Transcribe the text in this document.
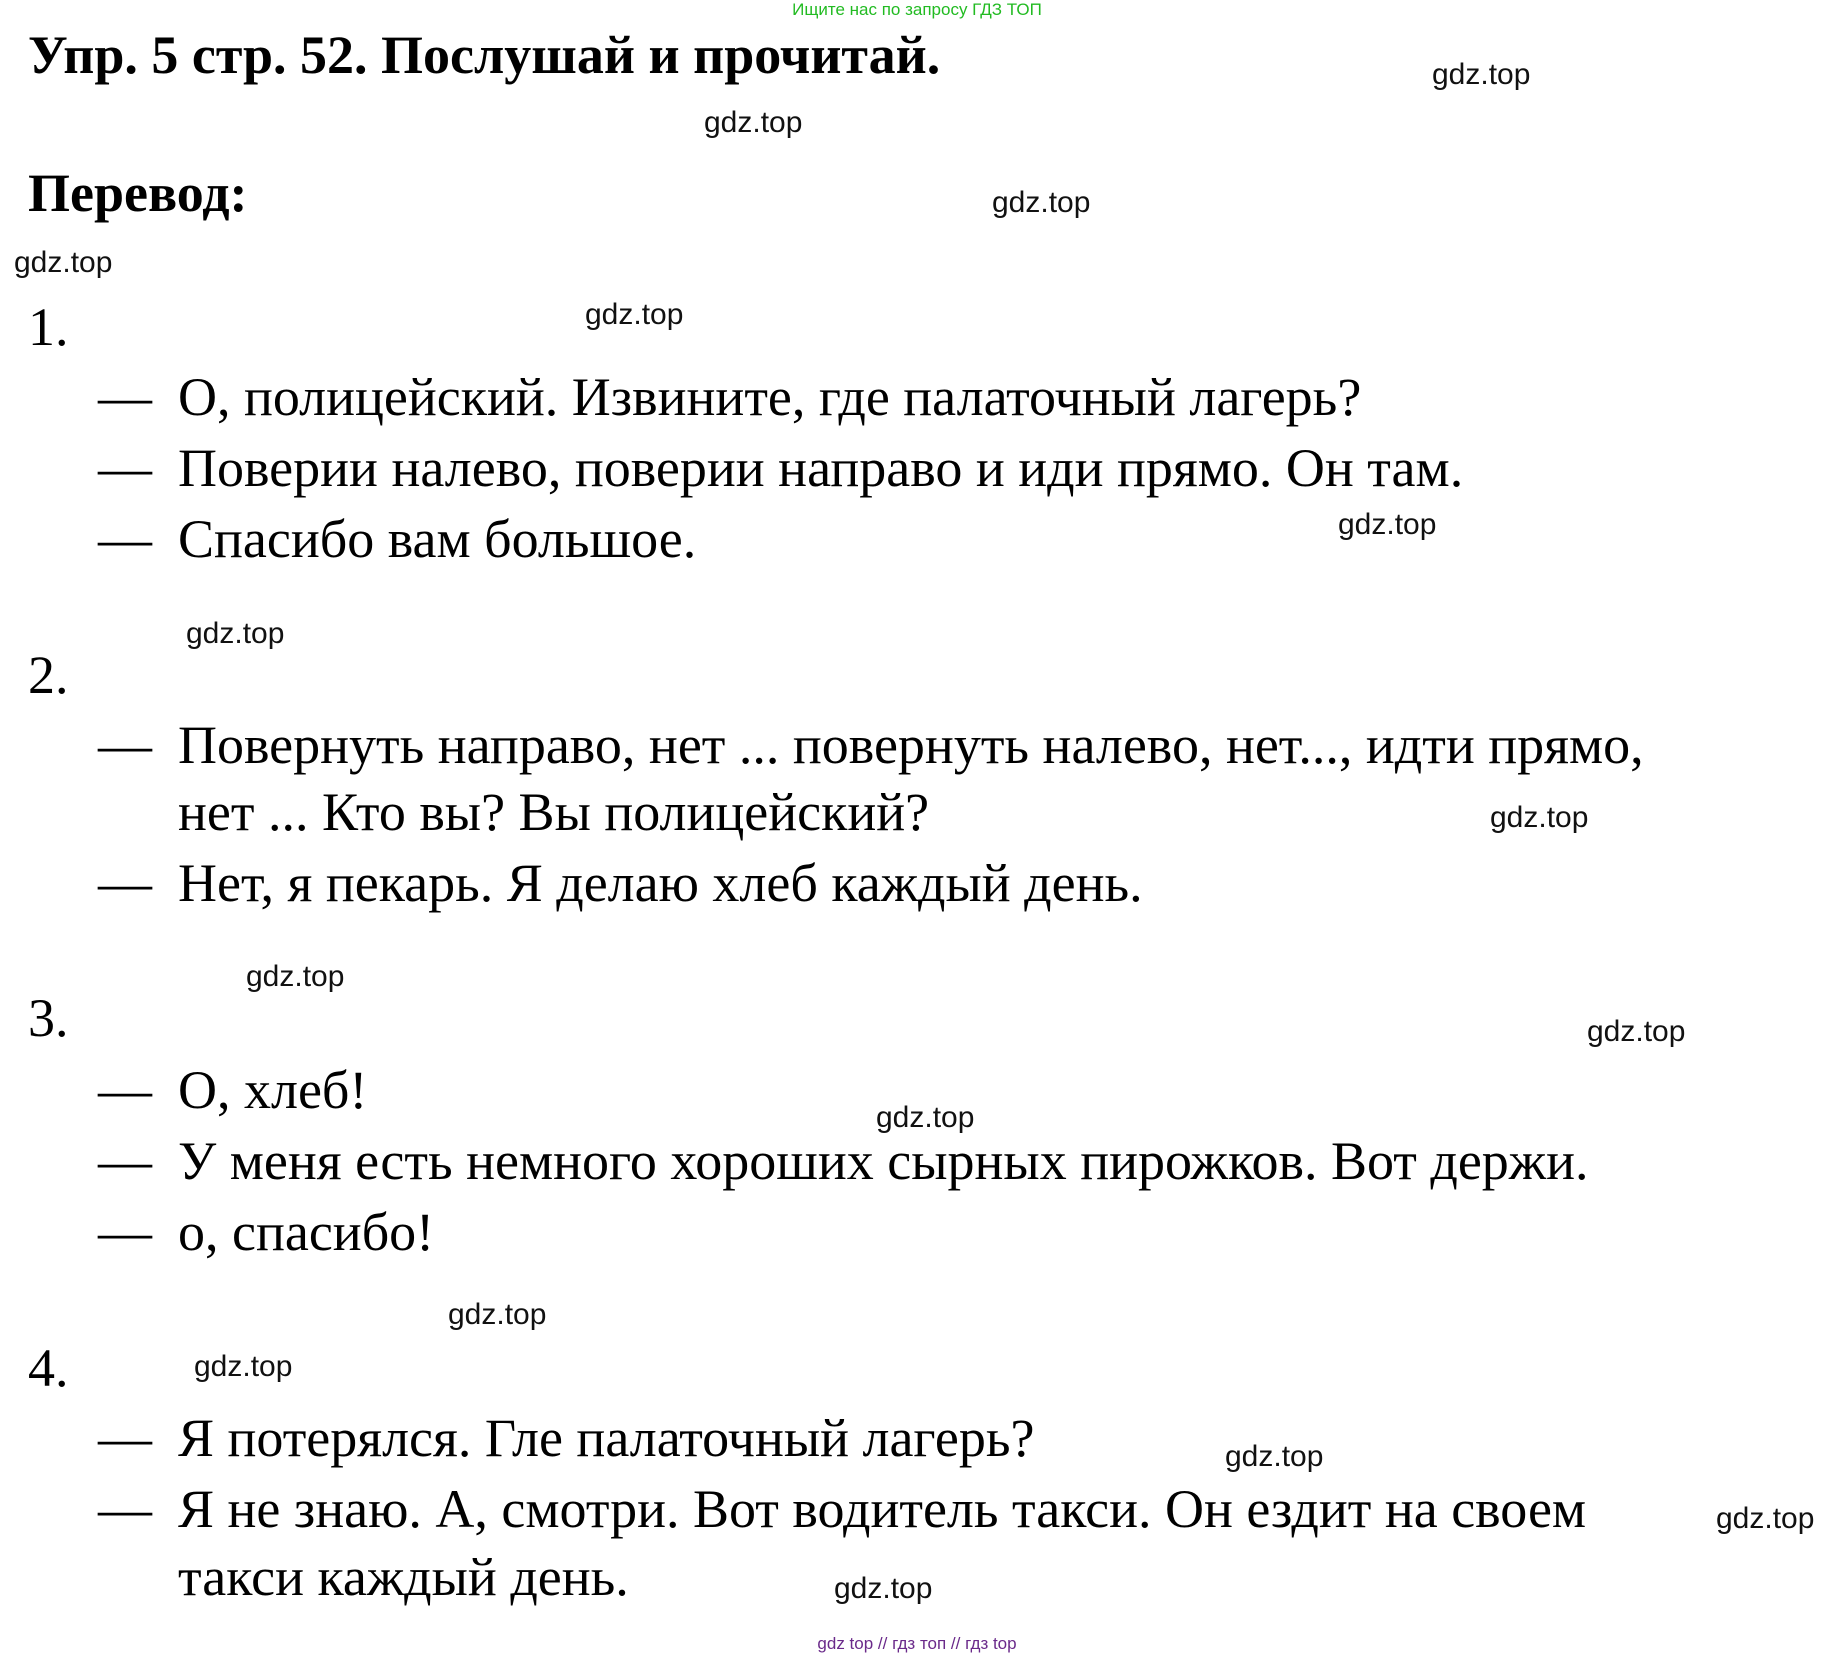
Ищите нас по запросу ГДЗ ТОП
Упр. 5 стр. 52. Послушай и прочитай.
Перевод:
1.
— О, полицейский. Извините, где палаточный лагерь?
— Поверии налево, поверии направо и иди прямо. Он там.
— Спасибо вам большое.
2.
— Повернуть направо, нет ... повернуть налево, нет..., идти прямо,
нет ... Кто вы? Вы полицейский?
— Нет, я пекарь. Я делаю хлеб каждый день.
3.
— О, хлеб!
— У меня есть немного хороших сырных пирожков. Вот держи.
— о, спасибо!
4.
— Я потерялся. Гле палаточный лагерь?
— Я не знаю. А, смотри. Вот водитель такси. Он ездит на своем
такси каждый день.
gdz.top
gdz.top
gdz.top
gdz.top
gdz.top
gdz.top
gdz.top
gdz.top
gdz.top
gdz.top
gdz.top
gdz.top
gdz.top
gdz.top
gdz.top
gdz.top
gdz top // гдз топ // гдз top
